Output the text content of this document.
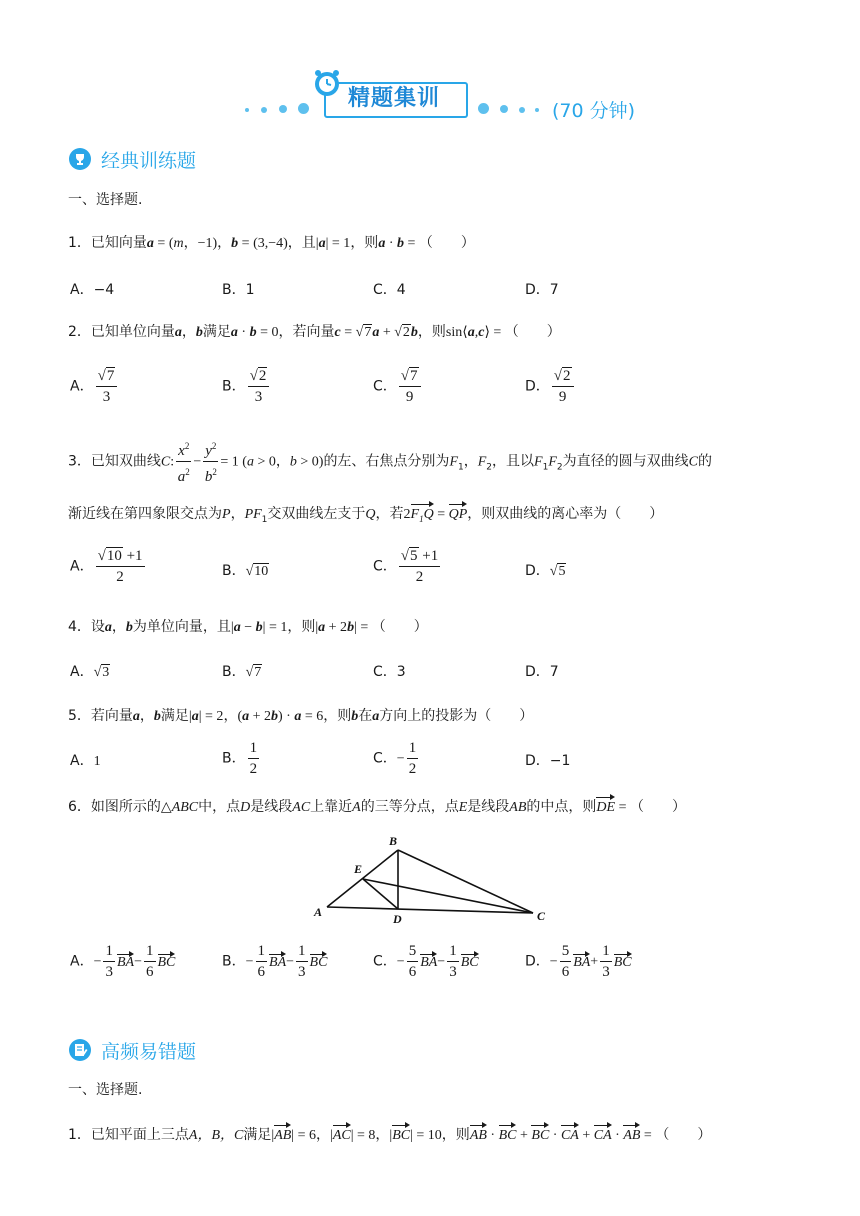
精题集训	(70 分钟)
经典训练题
一、选择题.
1．已知向量a = (m，−1)，b = (3,−4)，且|a| = 1，则a · b = （　　）
A．−4	B．1	C．4	D．7
2．已知单位向量a，b满足a · b = 0，若向量c = √7a + √2b，则sin⟨a,c⟩ = （　　）
A． $\frac{√7}{3}$	B． $\frac{√2}{3}$	C． $\frac{√7}{9}$	D． $\frac{√2}{9}$
3．已知双曲线C: $\frac{x^2}{a^2} - \frac{y^2}{b^2} = 1$ (a > 0，b > 0)的左、右焦点分别为$F_1$，$F_2$，且以$F_1F_2$为直径的圆与双曲线C的
渐近线在第四象限交点为P，$PF_1$交双曲线左支于Q，若$2F_1Q$ = QP，则双曲线的离心率为（　　）
A． $\frac{√10 +1}{2}$	B．√10	C． $\frac{√5 +1}{2}$	D．√5
4．设a，b为单位向量，且|a − b| = 1，则|a + 2b| = （　　）
A．√3	B．√7	C．3	D．7
5．若向量a，b满足|a| = 2，(a + 2b) · a = 6，则b在a方向上的投影为（　　）
A．1	B． $\frac{1}{2}$	C．− $\frac{1}{2}$	D．−1
6．如图所示的△ABC中，点D是线段AC上靠近A的三等分点，点E是线段AB的中点，则DE = （　　）
B
E
A	D	C
A．− $\frac{1}{3} BA- \frac{1}{6}$ BC	B．− $\frac{1}{6} BA- \frac{1}{3}$ BC	C．− $\frac{5}{6} BA- \frac{1}{3}$ BC	D．− $\frac{5}{6} BA+ \frac{1}{3}$ BC
高频易错题
一、选择题.
1．已知平面上三点A，B，C满足|AB| = 6，|AC| = 8，|BC| = 10，则AB · BC + BC · CA + CA · AB = （　　）
